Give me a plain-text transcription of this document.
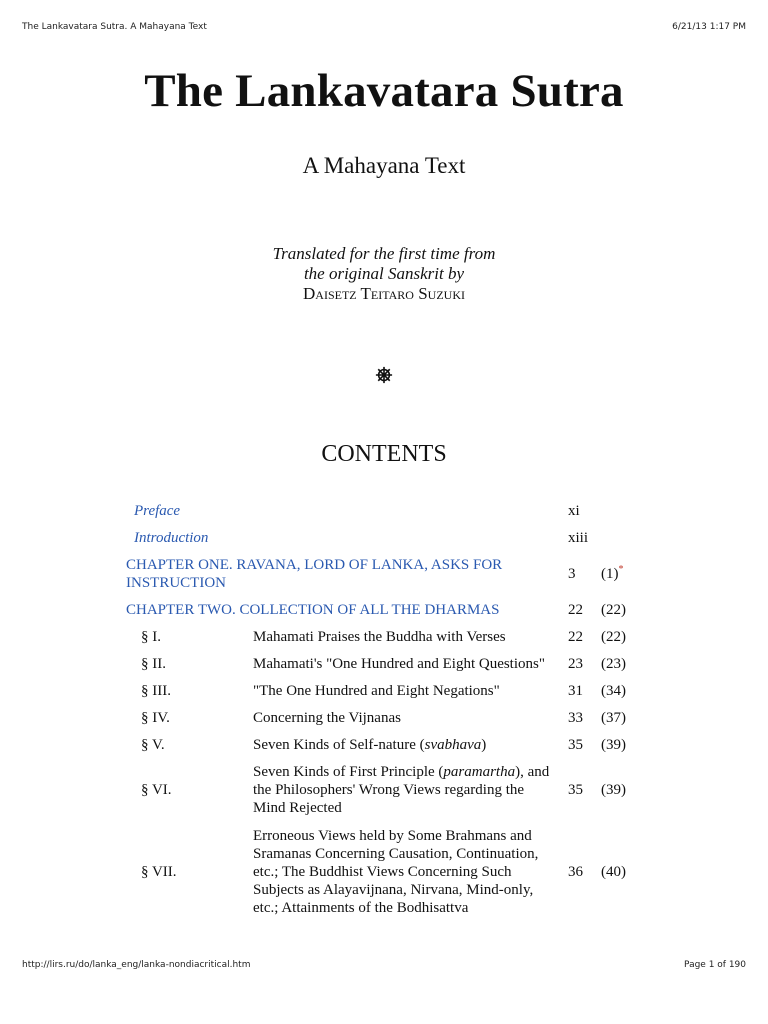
The Lankavatara Sutra. A Mahayana Text	6/21/13 1:17 PM
The Lankavatara Sutra
A Mahayana Text
Translated for the first time from
the original Sanskrit by
Daisetz Teitaro Suzuki
CONTENTS
Preface		xi	
Introduction		xiii	
CHAPTER ONE. RAVANA, LORD OF LANKA, ASKS FOR INSTRUCTION		3	(1)*
CHAPTER TWO. COLLECTION OF ALL THE DHARMAS		22	(22)
§ I.	Mahamati Praises the Buddha with Verses	22	(22)
§ II.	Mahamati's "One Hundred and Eight Questions"	23	(23)
§ III.	"The One Hundred and Eight Negations"	31	(34)
§ IV.	Concerning the Vijnanas	33	(37)
§ V.	Seven Kinds of Self-nature (svabhava)	35	(39)
§ VI.	Seven Kinds of First Principle (paramartha), and the Philosophers' Wrong Views regarding the Mind Rejected	35	(39)
§ VII.	Erroneous Views held by Some Brahmans and Sramanas Concerning Causation, Continuation, etc.; The Buddhist Views Concerning Such Subjects as Alayavijnana, Nirvana, Mind-only, etc.; Attainments of the Bodhisattva	36	(40)
http://lirs.ru/do/lanka_eng/lanka-nondiacritical.htm	Page 1 of 190
